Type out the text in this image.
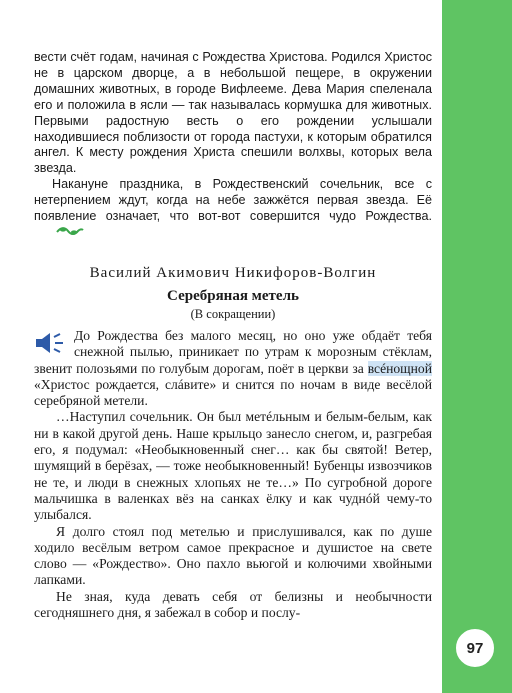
вести счёт годам, начиная с Рождества Христова. Родился Христос не в царском дворце, а в небольшой пещере, в окружении домашних животных, в городе Вифлееме. Дева Мария спеленала его и положила в ясли — так называлась кормушка для животных. Первыми радостную весть о его рождении услышали находившиеся поблизости от города пастухи, к которым обратился ангел. К месту рождения Христа спешили волхвы, которых вела звезда.

Накануне праздника, в Рождественский сочельник, все с нетерпением ждут, когда на небе зажжётся первая звезда. Её появление означает, что вот-вот совершится чудо Рождества.

Василий Акимович Никифоров-Волгин
Серебряная метель
(В сокращении)

До Рождества без малого месяц, но оно уже обдаёт тебя снежной пылью, приникает по утрам к морозным стёклам, звенит полозьями по голубым дорогам, поёт в церкви за всéнощной «Христос рождается, слáвите» и снится по ночам в виде весёлой серебряной метели.

…Наступил сочельник. Он был метéльным и белым-белым, как ни в какой другой день. Наше крыльцо занесло снегом, и, разгребая его, я подумал: «Необыкновенный снег… как бы святой! Ветер, шумящий в берёзах, — тоже необыкновенный! Бубенцы извозчиков не те, и люди в снежных хлопьях не те…» По сугробной дороге мальчишка в валенках вёз на санках ёлку и как чуднóй чему-то улыбался.

Я долго стоял под метелью и прислушивался, как по душе ходило весёлым ветром самое прекрасное и душистое на свете слово — «Рождество». Оно пахло вьюгой и колючими хвойными лапками.

Не зная, куда девать себя от белизны и необычности сегодняшнего дня, я забежал в собор и послу-

97
